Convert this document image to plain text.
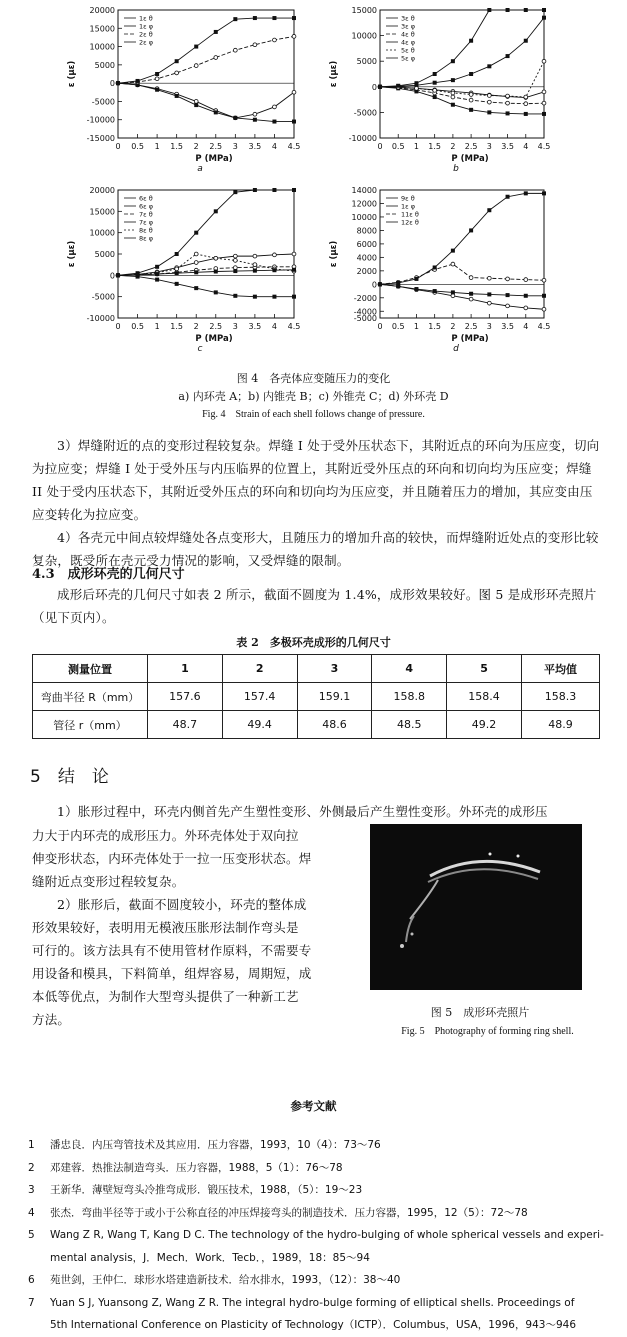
20000
15000
10000
5000
0
-5000
-10000
-15000
0 0.5 1 1.5 2 2.5 3 3.5 4 4.5
P (MPa)
ε (με)
a
1ε θ
1ε φ
2ε θ
2ε φ
15000
10000
5000
0
-5000
-10000
0 0.5 1 1.5 2 2.5 3 3.5 4 4.5
P (MPa)
ε (με)
b
3ε θ
3ε φ
4ε θ
4ε φ
5ε θ
5ε φ
20000
15000
10000
5000
0
-5000
-10000
0 0.5 1 1.5 2 2.5 3 3.5 4 4.5
P (MPa)
ε (με)
c
6ε θ
6ε φ
7ε θ
7ε φ
8ε θ
8ε φ
14000
12000
10000
8000
6000
4000
2000
0
-2000
-4000
-5000
0 0.5 1 1.5 2 2.5 3 3.5 4 4.5
P (MPa)
ε (με)
d
9ε θ
1ε φ
11ε θ
12ε θ
图 4　各壳体应变随压力的变化
a) 内环壳 A；b) 内锥壳 B；c) 外锥壳 C；d) 外环壳 D
Fig. 4　Strain of each shell follows change of pressure.

3）焊缝附近的点的变形过程较复杂。焊缝 I 处于受外压状态下，其附近点的环向为压应变，切向为拉应变；焊缝 I 处于受外压与内压临界的位置上，其附近受外压点的环向和切向均为压应变；焊缝 II 处于受内压状态下，其附近受外压点的环向和切向均为压应变，并且随着压力的增加，其应变由压应变转化为拉应变。

4）各壳元中间点较焊缝处各点变形大，且随压力的增加升高的较快，而焊缝附近处点的变形比较复杂，既受所在壳元受力情况的影响，又受焊缝的限制。

4.3　成形环壳的几何尺寸

成形后环壳的几何尺寸如表 2 所示，截面不圆度为 1.4%，成形效果较好。图 5 是成形环壳照片（见下页内）。

表 2　多极环壳成形的几何尺寸
测量位置	1	2	3	4	5	平均值
弯曲半径 R（mm）	157.6	157.4	159.1	158.8	158.4	158.3
管径 r（mm）	48.7	49.4	48.6	48.5	49.2	48.9
5　结　论
1）胀形过程中，环壳内侧首先产生塑性变形、外侧最后产生塑性变形。外环壳的成形压
力大于内环壳的成形压力。外环壳体处于双向拉
伸变形状态，内环壳体处于一拉一压变形状态。焊
缝附近点变形过程较复杂。
2）胀形后，截面不圆度较小，环壳的整体成
形效果较好，表明用无模液压胀形法制作弯头是
可行的。该方法具有不使用管材作原料，不需要专
用设备和模具，下料简单，组焊容易，周期短，成
本低等优点，为制作大型弯头提供了一种新工艺
方法。	图 5　成形环壳照片
Fig. 5　Photography of forming ring shell.
参考文献
1 潘忠良．内压弯管技术及其应用．压力容器，1993，10（4）：73～76
2 邓建蓉．热推法制造弯头．压力容器，1988，5（1）：76～78
3 王新华．薄壁短弯头冷推弯成形．锻压技术，1988，（5）：19～23
4 张杰．弯曲半径等于或小于公称直径的冲压焊接弯头的制造技术．压力容器，1995，12（5）：72～78
5 Wang Z R, Wang T, Kang D C. The technology of the hydro-bulging of whole spherical vessels and experi-
mental analysis，J．Mech．Work．Tecb．，1989，18：85～94
6 苑世剑，王仲仁．球形水塔建造新技术．给水排水，1993，（12）：38～40
7 Yuan S J, Yuansong Z, Wang Z R. The integral hydro-bulge forming of elliptical shells. Proceedings of
5th International Conference on Plasticity of Technology（ICTP）．Columbus，USA，1996，943～946
